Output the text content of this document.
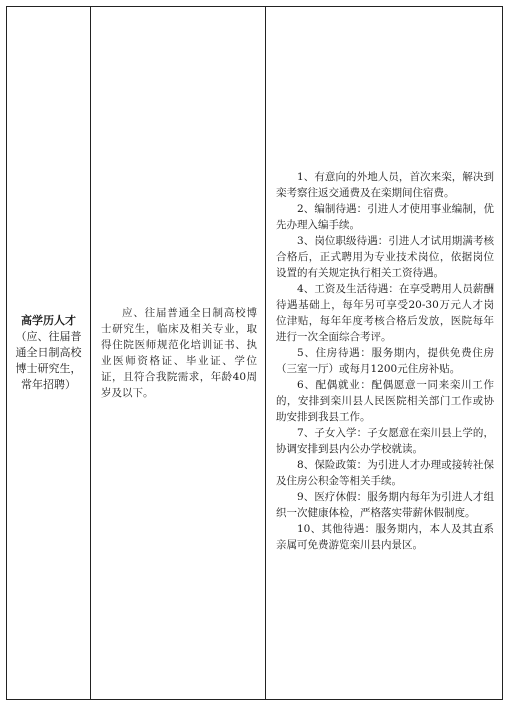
高学历人才
（应、往届普通全日制高校博士研究生，常年招聘）

应、往届普通全日制高校博士研究生，临床及相关专业，取得住院医师规范化培训证书、执业医师资格证、毕业证、学位证，且符合我院需求，年龄40周岁及以下。

1、有意向的外地人员，首次来栾，解决到栾考察往返交通费及在栾期间住宿费。

2、编制待遇：引进人才使用事业编制，优先办理入编手续。

3、岗位职级待遇：引进人才试用期满考核合格后，正式聘用为专业技术岗位，依据岗位设置的有关规定执行相关工资待遇。

4、工资及生活待遇：在享受聘用人员薪酬待遇基础上，每年另可享受20-30万元人才岗位津贴，每年年度考核合格后发放，医院每年进行一次全面综合考评。

5、住房待遇：服务期内，提供免费住房（三室一厅）或每月1200元住房补贴。

6、配偶就业：配偶愿意一同来栾川工作的，安排到栾川县人民医院相关部门工作或协助安排到我县工作。

7、子女入学：子女愿意在栾川县上学的，协调安排到县内公办学校就读。

8、保险政策：为引进人才办理或接转社保及住房公积金等相关手续。

9、医疗休假：服务期内每年为引进人才组织一次健康体检，严格落实带薪休假制度。

10、其他待遇：服务期内，本人及其直系亲属可免费游览栾川县内景区。
